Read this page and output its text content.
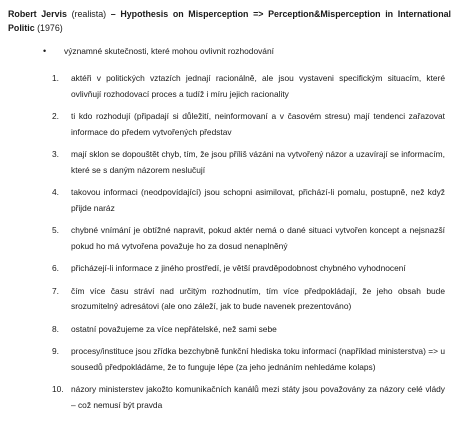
Robert Jervis (realista) – Hypothesis on Misperception => Perception&Misperception in International Politic (1976)

•	významné skutečnosti, které mohou ovlivnit rozhodování
1.	aktéři v politických vztazích jednají racionálně, ale jsou vystaveni specifickým situacím, které ovlivňují rozhodovací proces a tudíž i míru jejich racionality
2.	ti kdo rozhodují (připadají si důležití, neinformovaní a v časovém stresu) mají tendenci zařazovat informace do předem vytvořených představ
3.	mají sklon se dopouštět chyb, tím, že jsou příliš vázáni na vytvořený názor a uzavírají se informacím, které se s daným názorem neslučují
4.	takovou informaci (neodpovídající) jsou schopni asimilovat, přichází-li pomalu, postupně, než když přijde naráz
5.	chybné vnímání je obtížné napravit, pokud aktér nemá o dané situaci vytvořen koncept a nejsnazší pokud ho má vytvořena považuje ho za dosud nenaplněný
6.	přicházejí-li informace z jiného prostředí, je větší pravděpodobnost chybného vyhodnocení
7.	čím více času stráví nad určitým rozhodnutím, tím více předpokládají, že jeho obsah bude srozumitelný adresátovi (ale ono záleží, jak to bude navenek prezentováno)
8.	ostatní považujeme za více nepřátelské, než sami sebe
9.	procesy/instituce jsou zřídka bezchybně funkční hlediska toku informací (například ministerstva) => u sousedů předpokládáme, že to funguje lépe (za jeho jednáním nehledáme kolaps)
10. názory ministerstev jakožto komunikačních kanálů mezi státy jsou považovány za názory celé vlády – což nemusí být pravda
